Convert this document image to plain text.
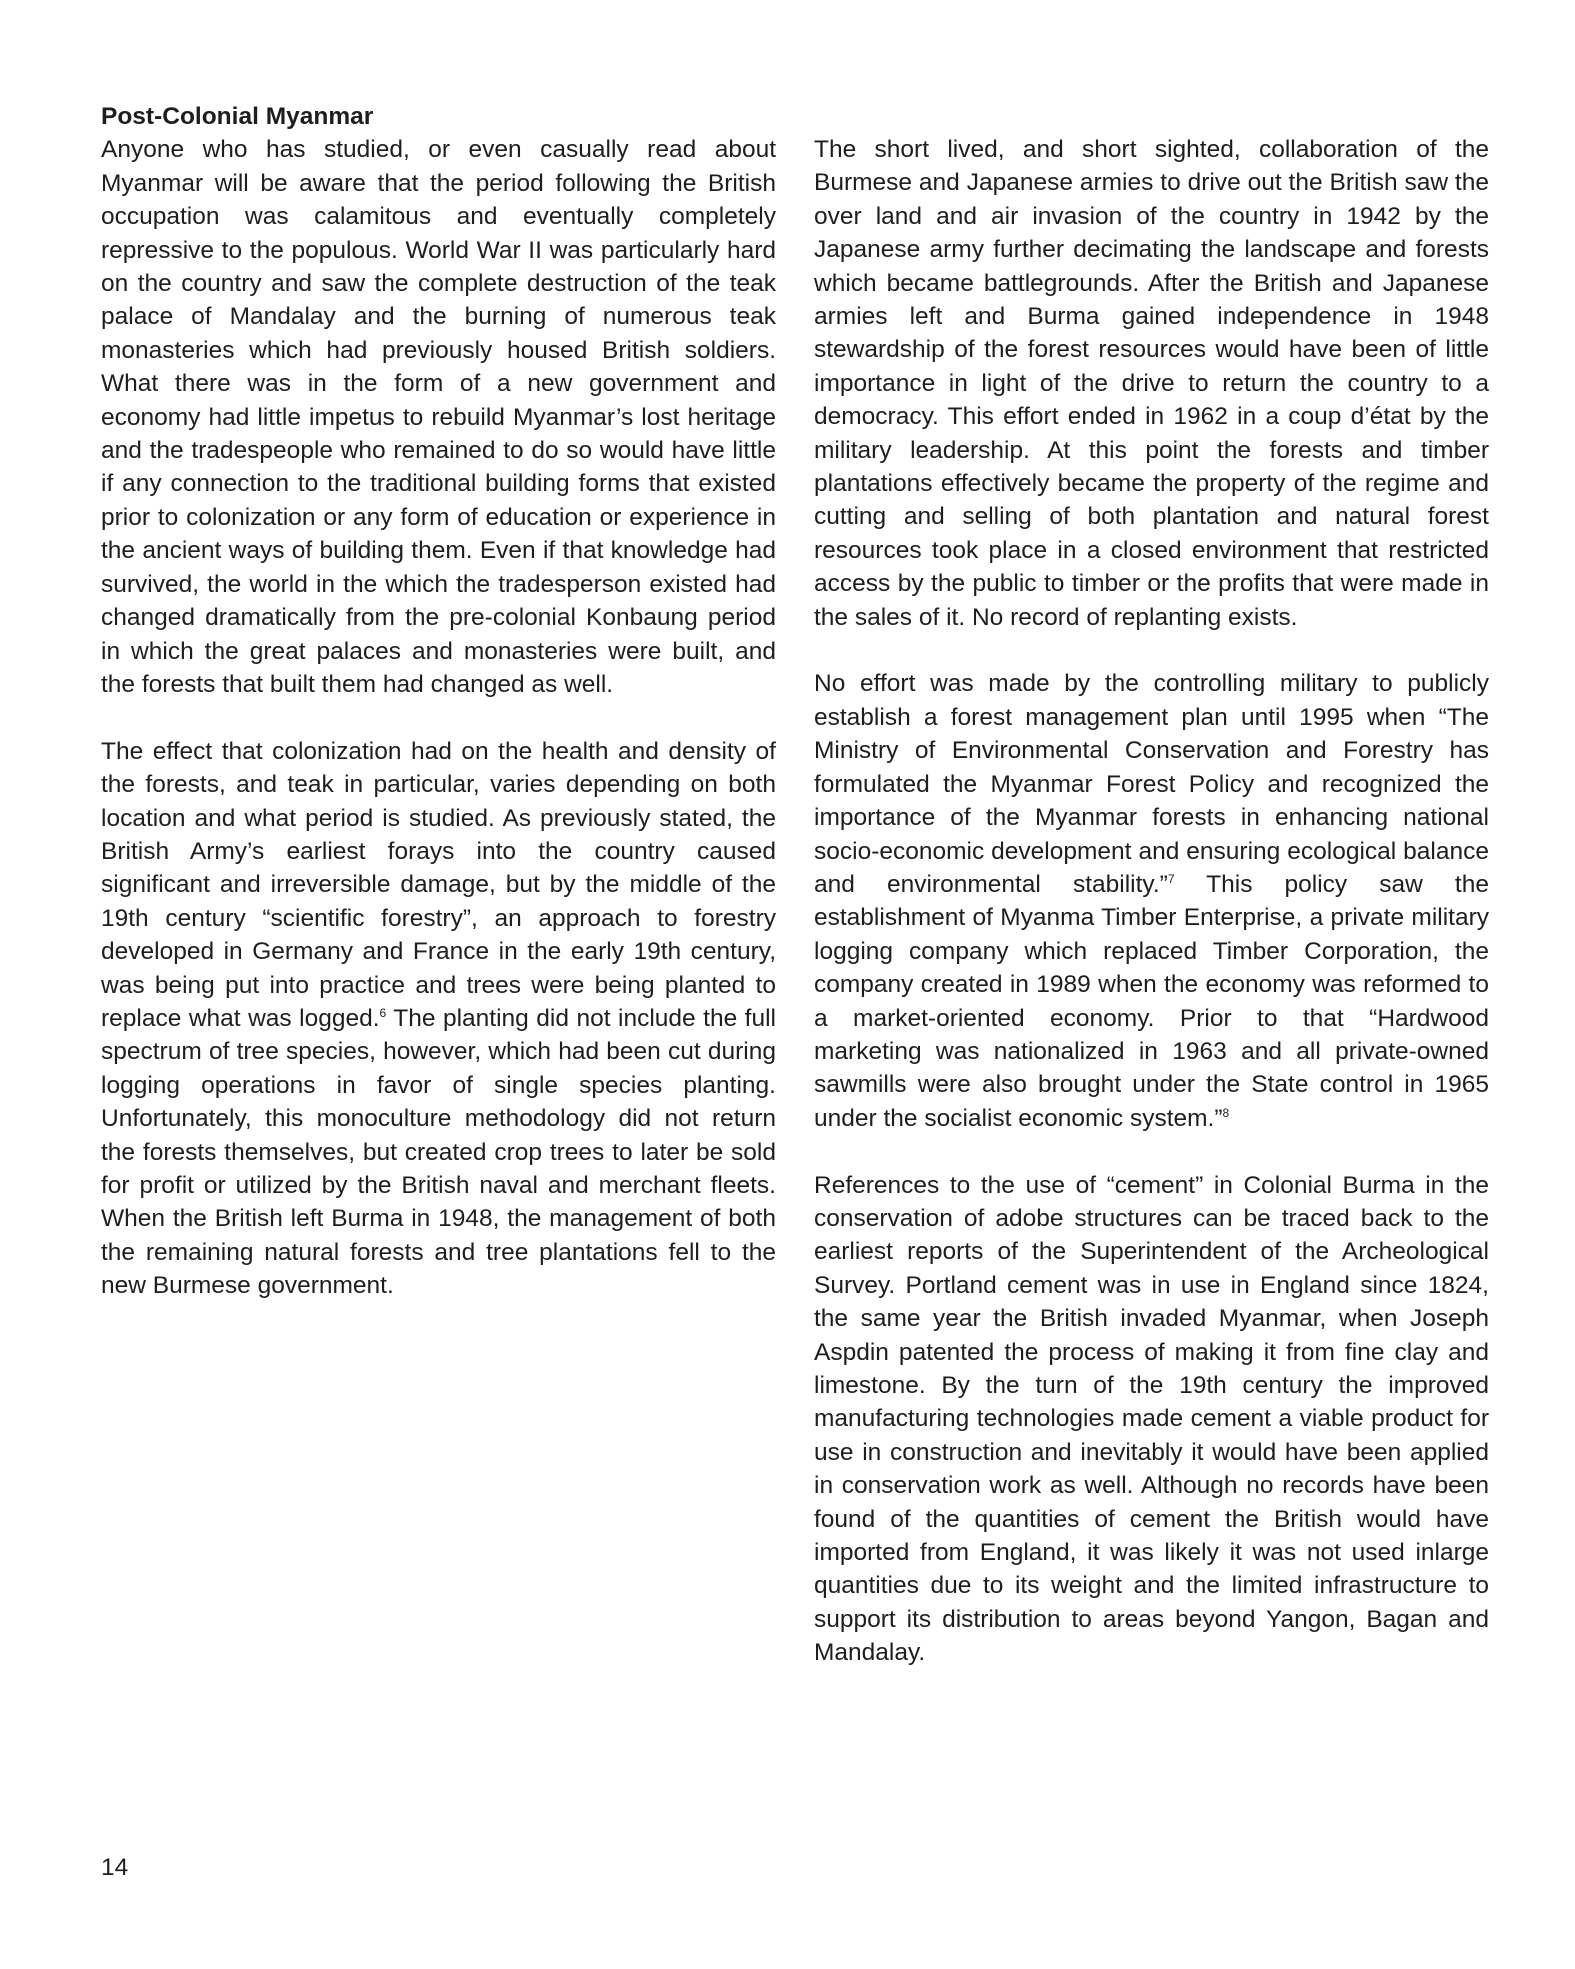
Post-Colonial Myanmar

Anyone who has studied, or even casually read about Myanmar will be aware that the period following the British occupation was calamitous and eventually completely repressive to the populous. World War II was particularly hard on the country and saw the complete destruction of the teak palace of Mandalay and the burning of numerous teak monasteries which had previously housed British soldiers. What there was in the form of a new government and economy had little impetus to rebuild Myanmar’s lost heritage and the tradespeople who remained to do so would have little if any connection to the traditional building forms that existed prior to colonization or any form of education or experience in the ancient ways of building them. Even if that knowledge had survived, the world in the which the tradesperson existed had changed dramatically from the pre-colonial Konbaung period in which the great palaces and monasteries were built, and the forests that built them had changed as well.

The effect that colonization had on the health and density of the forests, and teak in particular, varies depending on both location and what period is studied. As previously stated, the British Army’s earliest forays into the country caused significant and irreversible damage, but by the middle of the 19th century “scientific forestry”, an approach to forestry developed in Germany and France in the early 19th century, was being put into practice and trees were being planted to replace what was logged.$^6$ The planting did not include the full spectrum of tree species, however, which had been cut during logging operations in favor of single species planting. Unfortunately, this monoculture methodology did not return the forests themselves, but created crop trees to later be sold for profit or utilized by the British naval and merchant fleets. When the British left Burma in 1948, the management of both the remaining natural forests and tree plantations fell to the new Burmese government.

The short lived, and short sighted, collaboration of the Burmese and Japanese armies to drive out the British saw the over land and air invasion of the country in 1942 by the Japanese army further decimating the landscape and forests which became battlegrounds. After the British and Japanese armies left and Burma gained independence in 1948 stewardship of the forest resources would have been of little importance in light of the drive to return the country to a democracy. This effort ended in 1962 in a coup d’état by the military leadership. At this point the forests and timber plantations effectively became the property of the regime and cutting and selling of both plantation and natural forest resources took place in a closed environment that restricted access by the public to timber or the profits that were made in the sales of it. No record of replanting exists.

No effort was made by the controlling military to publicly establish a forest management plan until 1995 when “The Ministry of Environmental Conservation and Forestry has formulated the Myanmar Forest Policy and recognized the importance of the Myanmar forests in enhancing national socio-economic development and ensuring ecological balance and environmental stability.”$^7$ This policy saw the establishment of Myanma Timber Enterprise, a private military logging company which replaced Timber Corporation, the company created in 1989 when the economy was reformed to a market-oriented economy. Prior to that “Hardwood marketing was nationalized in 1963 and all private-owned sawmills were also brought under the State control in 1965 under the socialist economic system.”$^8$

References to the use of “cement” in Colonial Burma in the conservation of adobe structures can be traced back to the earliest reports of the Superintendent of the Archeological Survey. Portland cement was in use in England since 1824, the same year the British invaded Myanmar, when Joseph Aspdin patented the process of making it from fine clay and limestone. By the turn of the 19th century the improved manufacturing technologies made cement a viable product for use in construction and inevitably it would have been applied in conservation work as well. Although no records have been found of the quantities of cement the British would have imported from England, it was likely it was not used inlarge quantities due to its weight and the limited infrastructure to support its distribution to areas beyond Yangon, Bagan and Mandalay.

14
